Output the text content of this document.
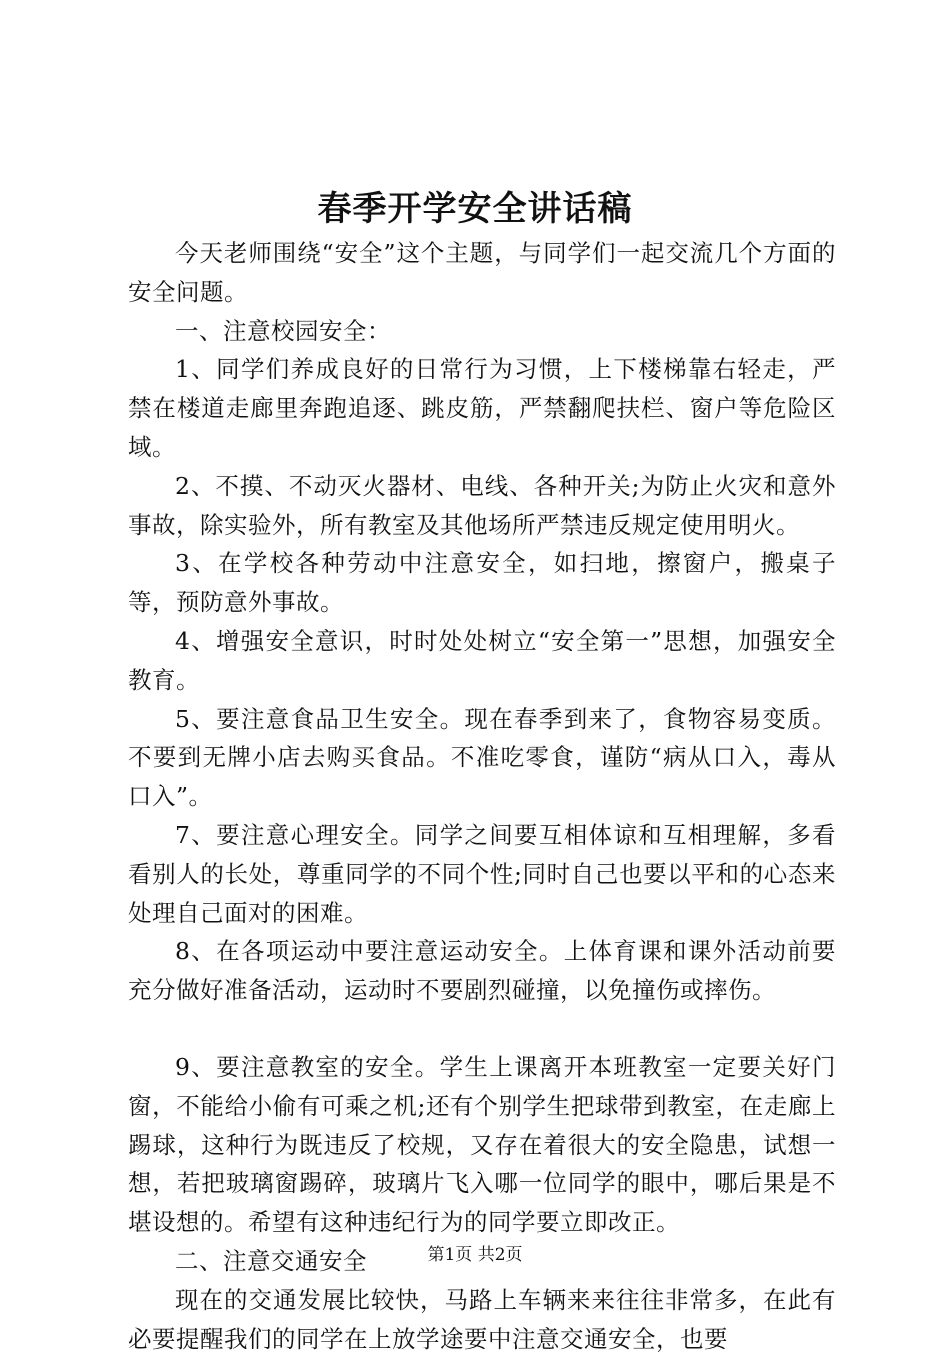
春季开学安全讲话稿

今天老师围绕“安全”这个主题，与同学们一起交流几个方面的安全问题。

一、注意校园安全：

1、同学们养成良好的日常行为习惯，上下楼梯靠右轻走，严禁在楼道走廊里奔跑追逐、跳皮筋，严禁翻爬扶栏、窗户等危险区域。

2、不摸、不动灭火器材、电线、各种开关;为防止火灾和意外事故，除实验外，所有教室及其他场所严禁违反规定使用明火。

3、在学校各种劳动中注意安全，如扫地，擦窗户，搬桌子等，预防意外事故。

4、增强安全意识，时时处处树立“安全第一”思想，加强安全教育。

5、要注意食品卫生安全。现在春季到来了，食物容易变质。不要到无牌小店去购买食品。不准吃零食，谨防“病从口入，毒从口入”。

7、要注意心理安全。同学之间要互相体谅和互相理解，多看看别人的长处，尊重同学的不同个性;同时自己也要以平和的心态来处理自己面对的困难。

8、在各项运动中要注意运动安全。上体育课和课外活动前要充分做好准备活动，运动时不要剧烈碰撞，以免撞伤或摔伤。

9、要注意教室的安全。学生上课离开本班教室一定要关好门窗，不能给小偷有可乘之机;还有个别学生把球带到教室，在走廊上踢球，这种行为既违反了校规，又存在着很大的安全隐患，试想一想，若把玻璃窗踢碎，玻璃片飞入哪一位同学的眼中，哪后果是不堪设想的。希望有这种违纪行为的同学要立即改正。

二、注意交通安全

现在的交通发展比较快，马路上车辆来来往往非常多，在此有必要提醒我们的同学在上放学途要中注意交通安全，也要

第1页 共2页
